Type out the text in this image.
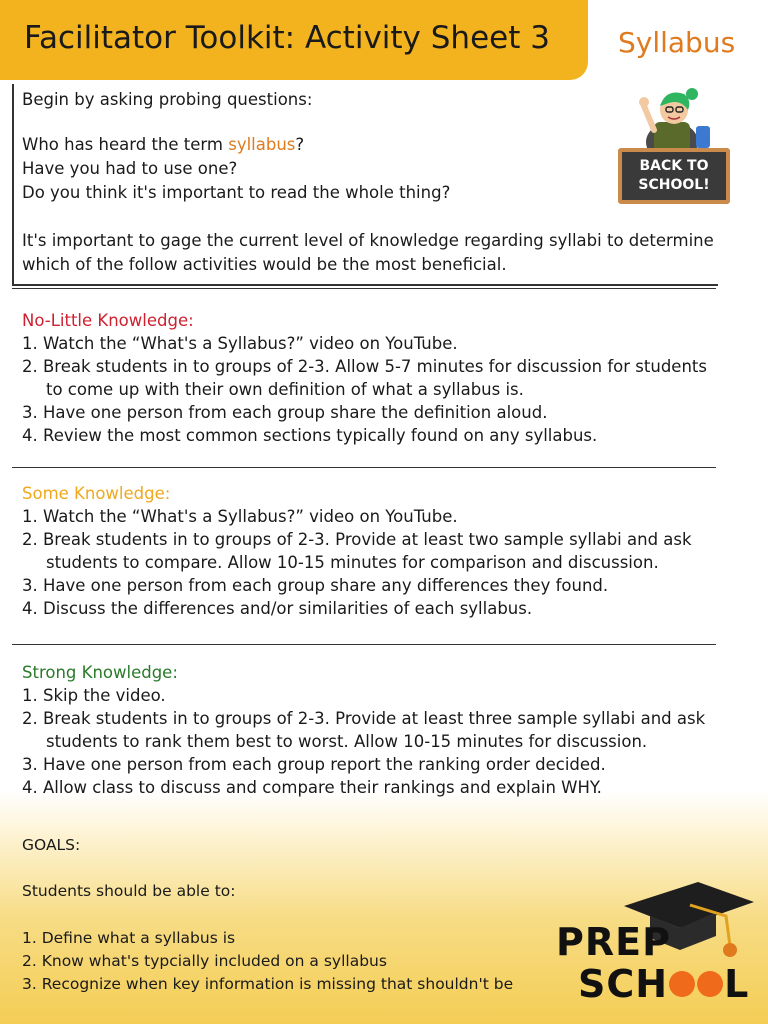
Facilitator Toolkit: Activity Sheet 3 Syllabus
Begin by asking probing questions:
Who has heard the term syllabus?
Have you had to use one?
Do you think it's important to read the whole thing?
It's important to gage the current level of knowledge regarding syllabi to determine
which of the follow activities would be the most beneficial.
BACK TO
SCHOOL!
No-Little Knowledge:
1. Watch the “What's a Syllabus?” video on YouTube.
2. Break students in to groups of 2-3. Allow 5-7 minutes for discussion for students
to come up with their own definition of what a syllabus is.
3. Have one person from each group share the definition aloud.
4. Review the most common sections typically found on any syllabus.
Some Knowledge:
1. Watch the “What's a Syllabus?” video on YouTube.
2. Break students in to groups of 2-3. Provide at least two sample syllabi and ask
students to compare. Allow 10-15 minutes for comparison and discussion.
3. Have one person from each group share any differences they found.
4. Discuss the differences and/or similarities of each syllabus.
Strong Knowledge:
1. Skip the video.
2. Break students in to groups of 2-3. Provide at least three sample syllabi and ask
students to rank them best to worst. Allow 10-15 minutes for discussion.
3. Have one person from each group report the ranking order decided.
4. Allow class to discuss and compare their rankings and explain WHY.
GOALS:
Students should be able to:
1. Define what a syllabus is
2. Know what's typcially included on a syllabus
3. Recognize when key information is missing that shouldn't be
PREP
SCH L
